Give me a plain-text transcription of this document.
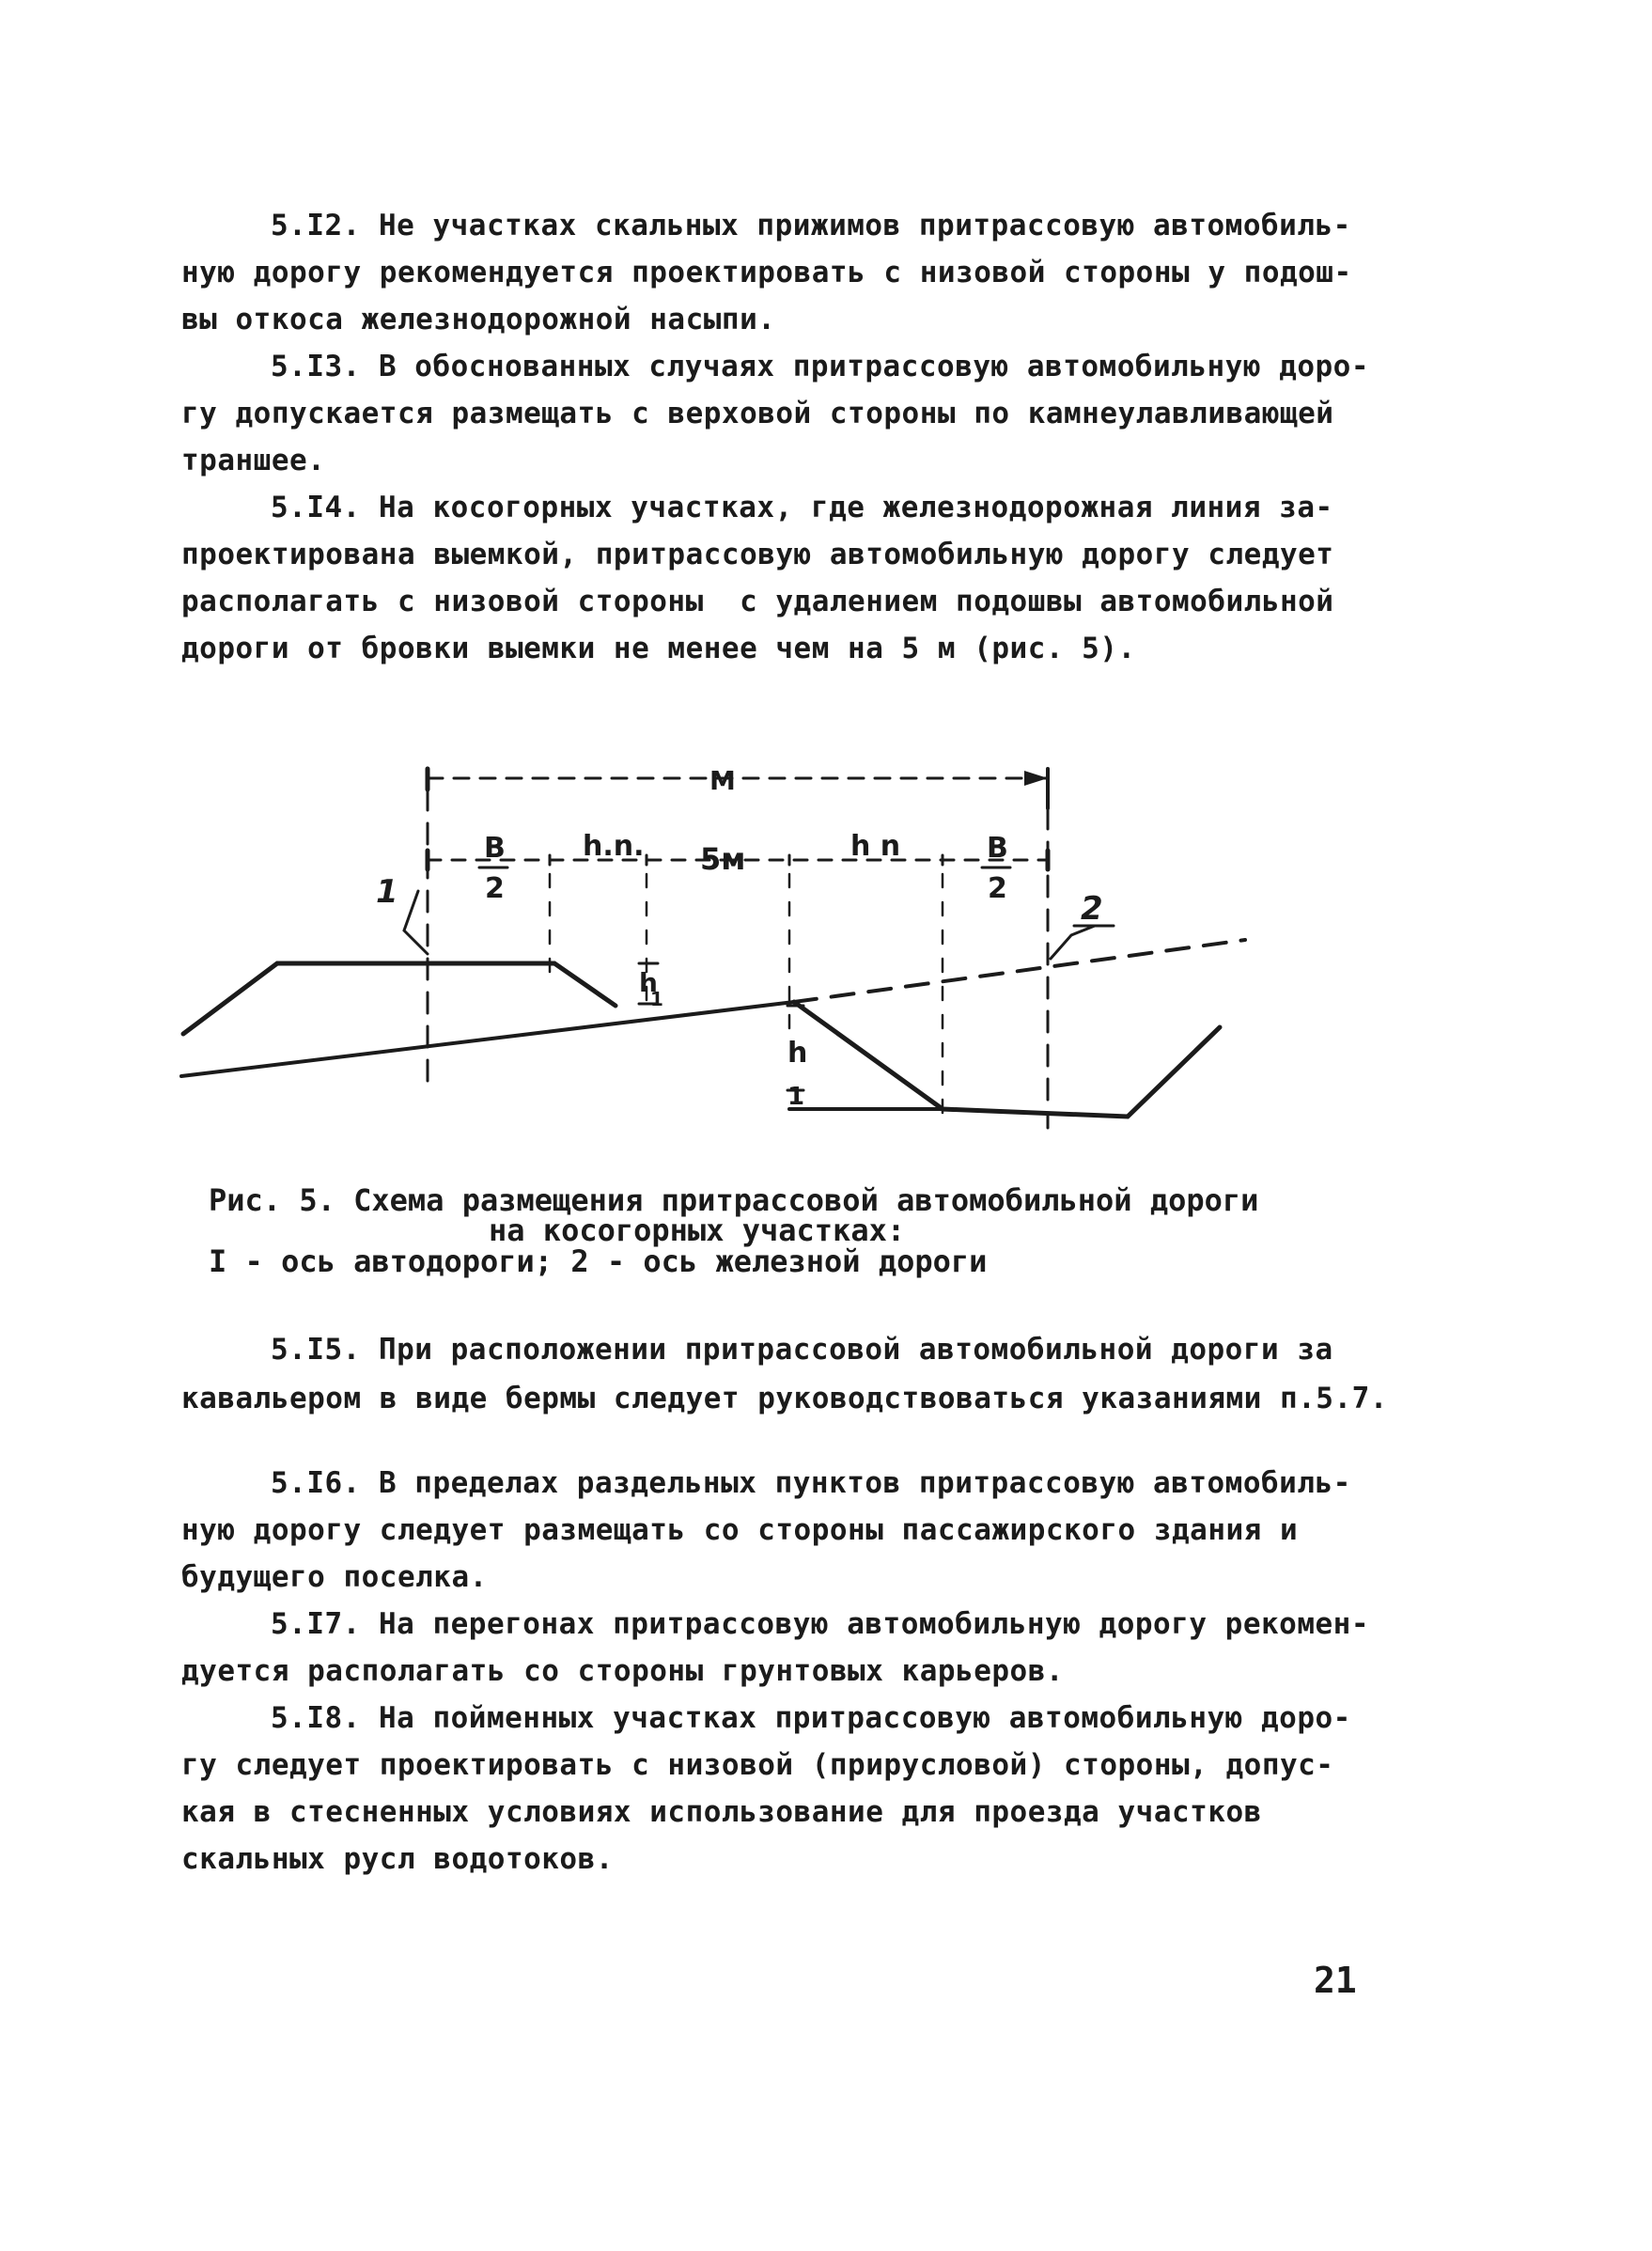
5.I2. Не участках скальных прижимов притрассовую автомобиль-
ную дорогу рекомендуется проектировать с низовой стороны у подош-
вы откоса железнодорожной насыпи.
5.I3. В обоснованных случаях притрассовую автомобильную доро-
гу допускается размещать с верховой стороны по камнеулавливающей
траншее.
5.I4. На косогорных участках, где железнодорожная линия за-
проектирована выемкой, притрассовую автомобильную дорогу следует
располагать с низовой стороны  с удалением подошвы автомобильной
дороги от бровки выемки не менее чем на 5 м (рис. 5).
M
B
2
h.n. 5м	h n	B
2
1	2
h
1
h
1
Рис. 5. Схема размещения притрассовой автомобильной дороги
на косогорных участках:
I - ось автодороги; 2 - ось железной дороги
5.I5. При расположении притрассовой автомобильной дороги за
кавальером в виде бермы следует руководствоваться указаниями п.5.7.
5.I6. В пределах раздельных пунктов притрассовую автомобиль-
ную дорогу следует размещать со стороны пассажирского здания и
будущего поселка.
5.I7. На перегонах притрассовую автомобильную дорогу рекомен-
дуется располагать со стороны грунтовых карьеров.
5.I8. На пойменных участках притрассовую автомобильную доро-
гу следует проектировать с низовой (прирусловой) стороны, допус-
кая в стесненных условиях использование для проезда участков
скальных русл водотоков.
21
